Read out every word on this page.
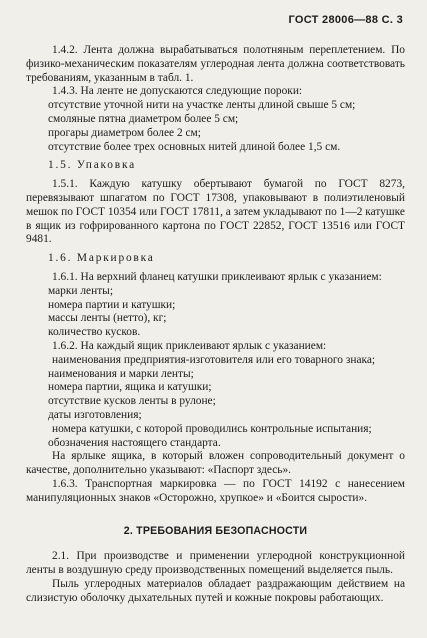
ГОСТ 28006—88 С. 3

1.4.2. Лента должна вырабатываться полотняным переплетением. По физико-механическим показателям углеродная лента должна соответствовать требованиям, указанным в табл. 1.

1.4.3. На ленте не допускаются следующие пороки:

отсутствие уточной нити на участке ленты длиной свыше 5 см;

смоляные пятна диаметром более 5 см;

прогары диаметром более 2 см;

отсутствие более трех основных нитей длиной более 1,5 см.

1.5. Упаковка

1.5.1. Каждую катушку обертывают бумагой по ГОСТ 8273, перевязывают шпагатом по ГОСТ 17308, упаковывают в полиэтиленовый мешок по ГОСТ 10354 или ГОСТ 17811, а затем укладывают по 1—2 катушке в ящик из гофрированного картона по ГОСТ 22852, ГОСТ 13516 или ГОСТ 9481.

1.6. Маркировка

1.6.1. На верхний фланец катушки приклеивают ярлык с указанием:

марки ленты;

номера партии и катушки;

массы ленты (нетто), кг;

количество кусков.

1.6.2. На каждый ящик приклеивают ярлык с указанием:

наименования предприятия-изготовителя или его товарного знака;

наименования и марки ленты;

номера партии, ящика и катушки;

отсутствие кусков ленты в рулоне;

даты изготовления;

номера катушки, с которой проводились контрольные испытания;

обозначения настоящего стандарта.

На ярлыке ящика, в который вложен сопроводительный документ о качестве, дополнительно указывают: «Паспорт здесь».

1.6.3. Транспортная маркировка — по ГОСТ 14192 с нанесением манипуляционных знаков «Осторожно, хрупкое» и «Боится сырости».

2. ТРЕБОВАНИЯ БЕЗОПАСНОСТИ

2.1. При производстве и применении углеродной конструкционной ленты в воздушную среду производственных помещений выделяется пыль.

Пыль углеродных материалов обладает раздражающим действием на слизистую оболочку дыхательных путей и кожные покровы работающих.
